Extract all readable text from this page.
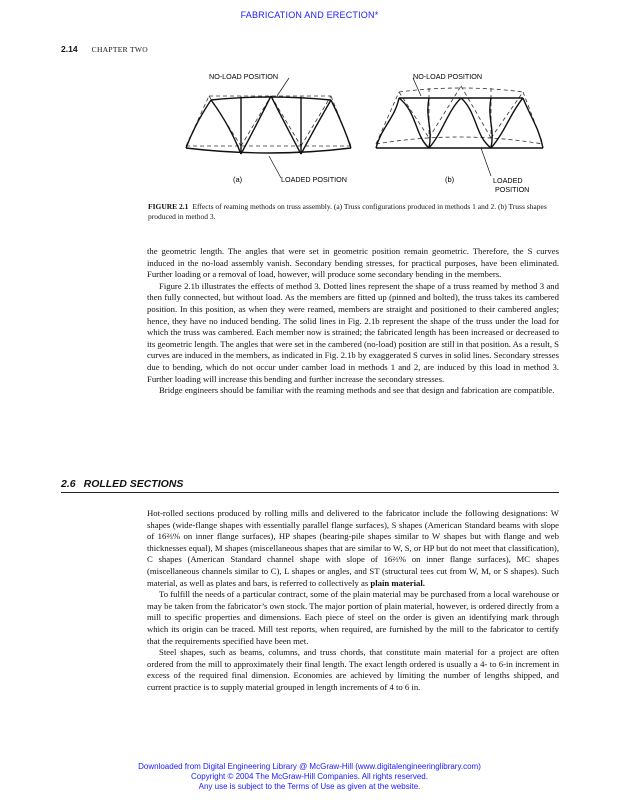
FABRICATION AND ERECTION*
2.14 CHAPTER TWO
NO-LOAD POSITION	NO-LOAD POSITION
LOADED POSITION	LOADED
POSITION
(a)	(b)
FIGURE 2.1 Effects of reaming methods on truss assembly. (a) Truss configurations produced in methods 1 and 2. (b) Truss shapes produced in method 3.

the geometric length. The angles that were set in geometric position remain geometric. Therefore, the S curves induced in the no-load assembly vanish. Secondary bending stresses, for practical purposes, have been eliminated. Further loading or a removal of load, however, will produce some secondary bending in the members.

Figure 2.1b illustrates the effects of method 3. Dotted lines represent the shape of a truss reamed by method 3 and then fully connected, but without load. As the members are fitted up (pinned and bolted), the truss takes its cambered position. In this position, as when they were reamed, members are straight and positioned to their cambered angles; hence, they have no induced bending. The solid lines in Fig. 2.1b represent the shape of the truss under the load for which the truss was cambered. Each member now is strained; the fabricated length has been increased or decreased to its geometric length. The angles that were set in the cambered (no-load) position are still in that position. As a result, S curves are induced in the members, as indicated in Fig. 2.1b by exaggerated S curves in solid lines. Secondary stresses due to bending, which do not occur under camber load in methods 1 and 2, are induced by this load in method 3. Further loading will increase this bending and further increase the secondary stresses.

Bridge engineers should be familiar with the reaming methods and see that design and fabrication are compatible.

2.6 ROLLED SECTIONS

Hot-rolled sections produced by rolling mills and delivered to the fabricator include the following designations: W shapes (wide-flange shapes with essentially parallel flange surfaces), S shapes (American Standard beams with slope of 16⅔% on inner flange surfaces), HP shapes (bearing-pile shapes similar to W shapes but with flange and web thicknesses equal), M shapes (miscellaneous shapes that are similar to W, S, or HP but do not meet that classification), C shapes (American Standard channel shape with slope of 16⅔% on inner flange surfaces), MC shapes (miscellaneous channels similar to C), L shapes or angles, and ST (structural tees cut from W, M, or S shapes). Such material, as well as plates and bars, is referred to collectively as plain material.

To fulfill the needs of a particular contract, some of the plain material may be purchased from a local warehouse or may be taken from the fabricator’s own stock. The major portion of plain material, however, is ordered directly from a mill to specific properties and dimensions. Each piece of steel on the order is given an identifying mark through which its origin can be traced. Mill test reports, when required, are furnished by the mill to the fabricator to certify that the requirements specified have been met.

Steel shapes, such as beams, columns, and truss chords, that constitute main material for a project are often ordered from the mill to approximately their final length. The exact length ordered is usually a 4- to 6-in increment in excess of the required final dimension. Economies are achieved by limiting the number of lengths shipped, and current practice is to supply material grouped in length increments of 4 to 6 in.

Downloaded from Digital Engineering Library @ McGraw-Hill (www.digitalengineeringlibrary.com)
Copyright © 2004 The McGraw-Hill Companies. All rights reserved.
Any use is subject to the Terms of Use as given at the website.
